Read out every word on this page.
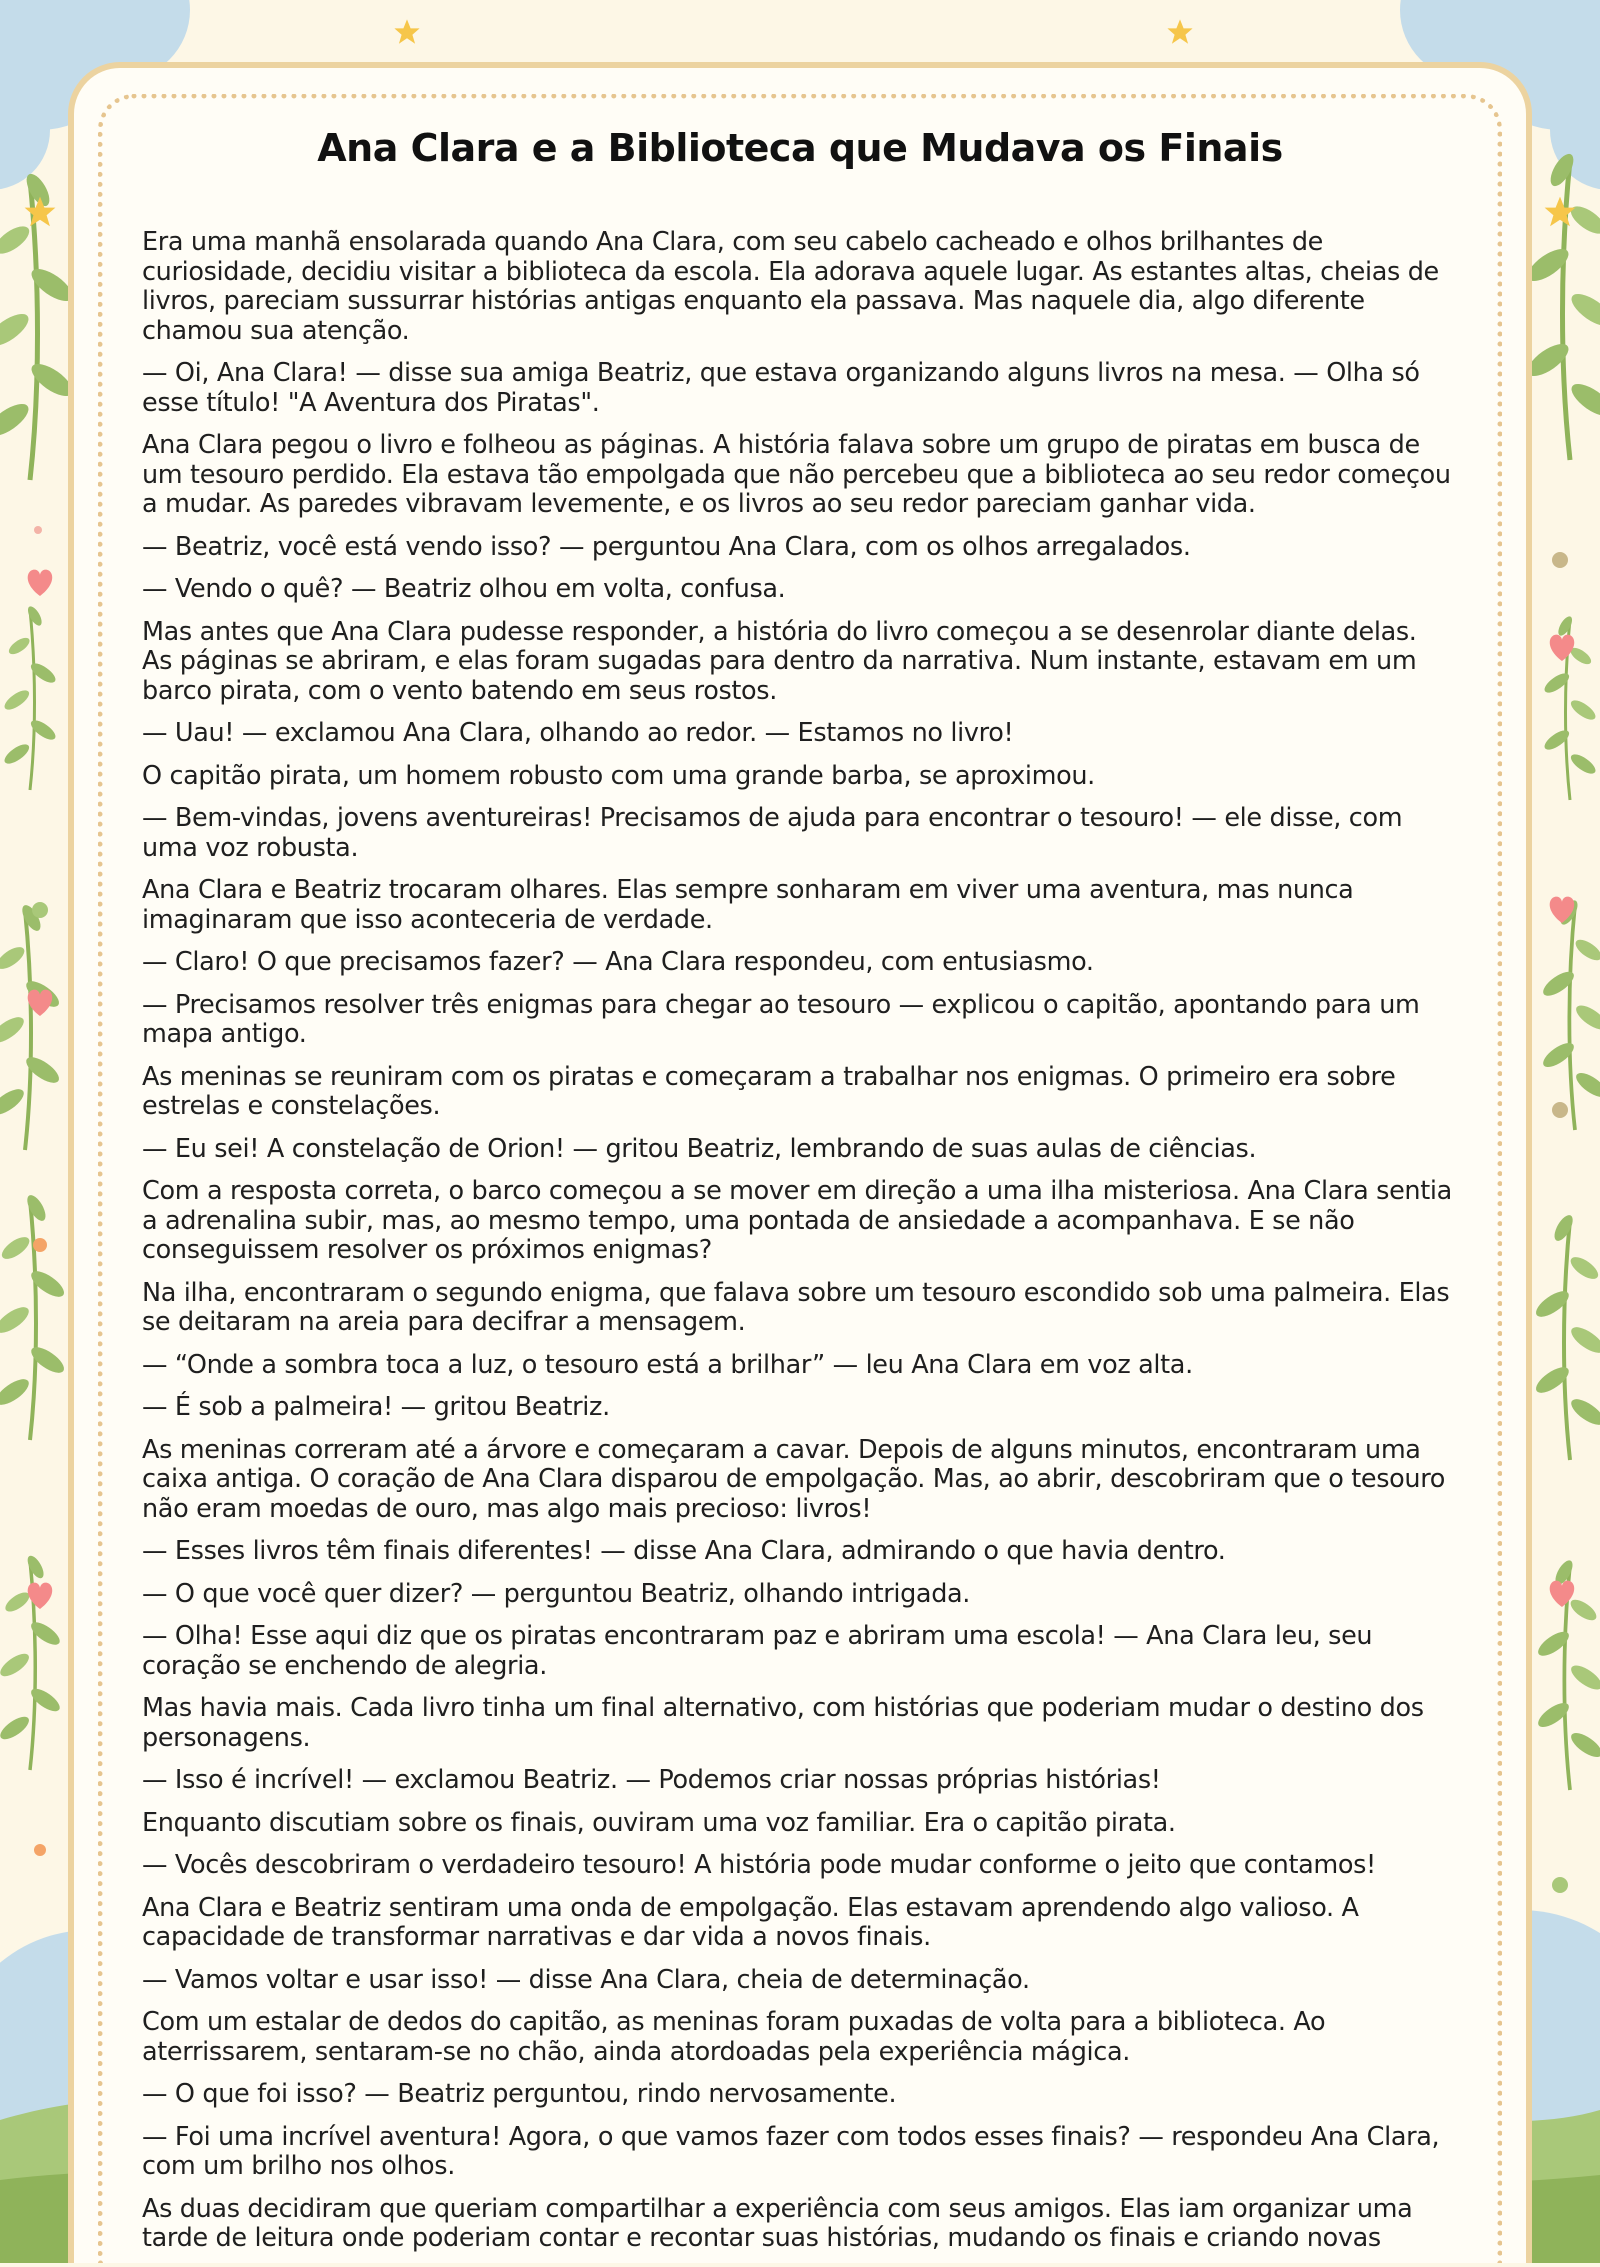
Ana Clara e a Biblioteca que Mudava os Finais

Era uma manhã ensolarada quando Ana Clara, com seu cabelo cacheado e olhos brilhantes de curiosidade, decidiu visitar a biblioteca da escola. Ela adorava aquele lugar. As estantes altas, cheias de livros, pareciam sussurrar histórias antigas enquanto ela passava. Mas naquele dia, algo diferente chamou sua atenção.

— Oi, Ana Clara! — disse sua amiga Beatriz, que estava organizando alguns livros na mesa. — Olha só esse título! "A Aventura dos Piratas".

Ana Clara pegou o livro e folheou as páginas. A história falava sobre um grupo de piratas em busca de um tesouro perdido. Ela estava tão empolgada que não percebeu que a biblioteca ao seu redor começou a mudar. As paredes vibravam levemente, e os livros ao seu redor pareciam ganhar vida.

— Beatriz, você está vendo isso? — perguntou Ana Clara, com os olhos arregalados.

— Vendo o quê? — Beatriz olhou em volta, confusa.

Mas antes que Ana Clara pudesse responder, a história do livro começou a se desenrolar diante delas. As páginas se abriram, e elas foram sugadas para dentro da narrativa. Num instante, estavam em um barco pirata, com o vento batendo em seus rostos.

— Uau! — exclamou Ana Clara, olhando ao redor. — Estamos no livro!

O capitão pirata, um homem robusto com uma grande barba, se aproximou.

— Bem-vindas, jovens aventureiras! Precisamos de ajuda para encontrar o tesouro! — ele disse, com uma voz robusta.

Ana Clara e Beatriz trocaram olhares. Elas sempre sonharam em viver uma aventura, mas nunca imaginaram que isso aconteceria de verdade.

— Claro! O que precisamos fazer? — Ana Clara respondeu, com entusiasmo.

— Precisamos resolver três enigmas para chegar ao tesouro — explicou o capitão, apontando para um mapa antigo.

As meninas se reuniram com os piratas e começaram a trabalhar nos enigmas. O primeiro era sobre estrelas e constelações.

— Eu sei! A constelação de Orion! — gritou Beatriz, lembrando de suas aulas de ciências.

Com a resposta correta, o barco começou a se mover em direção a uma ilha misteriosa. Ana Clara sentia a adrenalina subir, mas, ao mesmo tempo, uma pontada de ansiedade a acompanhava. E se não conseguissem resolver os próximos enigmas?

Na ilha, encontraram o segundo enigma, que falava sobre um tesouro escondido sob uma palmeira. Elas se deitaram na areia para decifrar a mensagem.

— “Onde a sombra toca a luz, o tesouro está a brilhar” — leu Ana Clara em voz alta.

— É sob a palmeira! — gritou Beatriz.

As meninas correram até a árvore e começaram a cavar. Depois de alguns minutos, encontraram uma caixa antiga. O coração de Ana Clara disparou de empolgação. Mas, ao abrir, descobriram que o tesouro não eram moedas de ouro, mas algo mais precioso: livros!

— Esses livros têm finais diferentes! — disse Ana Clara, admirando o que havia dentro.

— O que você quer dizer? — perguntou Beatriz, olhando intrigada.

— Olha! Esse aqui diz que os piratas encontraram paz e abriram uma escola! — Ana Clara leu, seu coração se enchendo de alegria.

Mas havia mais. Cada livro tinha um final alternativo, com histórias que poderiam mudar o destino dos personagens.

— Isso é incrível! — exclamou Beatriz. — Podemos criar nossas próprias histórias!

Enquanto discutiam sobre os finais, ouviram uma voz familiar. Era o capitão pirata.

— Vocês descobriram o verdadeiro tesouro! A história pode mudar conforme o jeito que contamos!

Ana Clara e Beatriz sentiram uma onda de empolgação. Elas estavam aprendendo algo valioso. A capacidade de transformar narrativas e dar vida a novos finais.

— Vamos voltar e usar isso! — disse Ana Clara, cheia de determinação.

Com um estalar de dedos do capitão, as meninas foram puxadas de volta para a biblioteca. Ao aterrissarem, sentaram-se no chão, ainda atordoadas pela experiência mágica.

— O que foi isso? — Beatriz perguntou, rindo nervosamente.

— Foi uma incrível aventura! Agora, o que vamos fazer com todos esses finais? — respondeu Ana Clara, com um brilho nos olhos.

As duas decidiram que queriam compartilhar a experiência com seus amigos. Elas iam organizar uma tarde de leitura onde poderiam contar e recontar suas histórias, mudando os finais e criando novas
